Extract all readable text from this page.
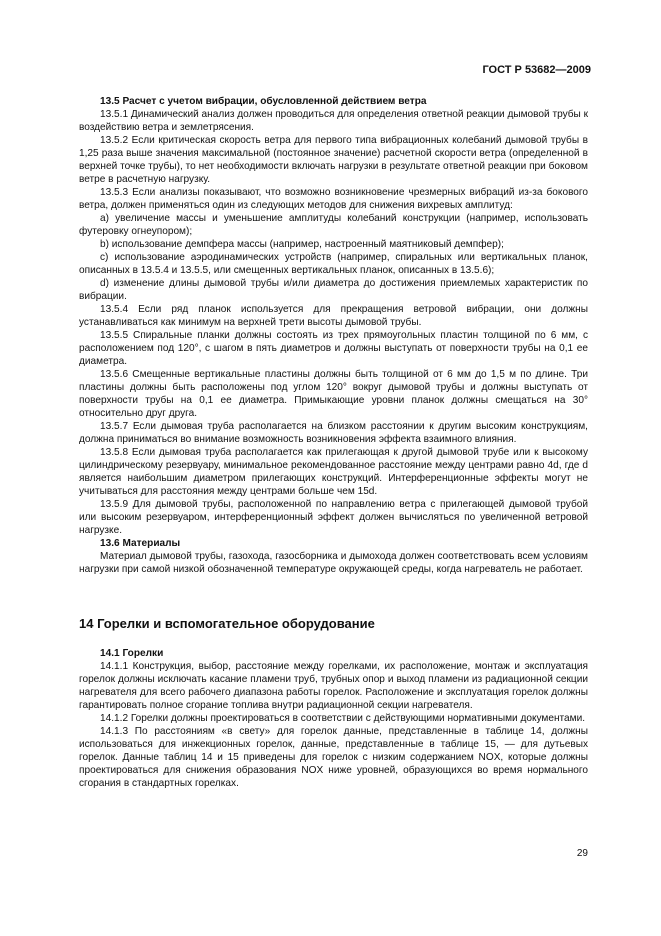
ГОСТ Р 53682—2009

13.5 Расчет с учетом вибрации, обусловленной действием ветра

13.5.1 Динамический анализ должен проводиться для определения ответной реакции дымовой трубы к воздействию ветра и землетрясения.

13.5.2 Если критическая скорость ветра для первого типа вибрационных колебаний дымовой трубы в 1,25 раза выше значения максимальной (постоянное значение) расчетной скорости ветра (определенной в верхней точке трубы), то нет необходимости включать нагрузки в результате ответной реакции при боковом ветре в расчетную нагрузку.

13.5.3 Если анализы показывают, что возможно возникновение чрезмерных вибраций из-за бокового ветра, должен применяться один из следующих методов для снижения вихревых амплитуд:

a) увеличение массы и уменьшение амплитуды колебаний конструкции (например, использовать футеровку огнеупором);

b) использование демпфера массы (например, настроенный маятниковый демпфер);

c) использование аэродинамических устройств (например, спиральных или вертикальных планок, описанных в 13.5.4 и 13.5.5, или смещенных вертикальных планок, описанных в 13.5.6);

d) изменение длины дымовой трубы и/или диаметра до достижения приемлемых характеристик по вибрации.

13.5.4 Если ряд планок используется для прекращения ветровой вибрации, они должны устанавливаться как минимум на верхней трети высоты дымовой трубы.

13.5.5 Спиральные планки должны состоять из трех прямоугольных пластин толщиной по 6 мм, с расположением под 120°, с шагом в пять диаметров и должны выступать от поверхности трубы на 0,1 ее диаметра.

13.5.6 Смещенные вертикальные пластины должны быть толщиной от 6 мм до 1,5 м по длине. Три пластины должны быть расположены под углом 120° вокруг дымовой трубы и должны выступать от поверхности трубы на 0,1 ее диаметра. Примыкающие уровни планок должны смещаться на 30° относительно друг друга.

13.5.7 Если дымовая труба располагается на близком расстоянии к другим высоким конструкциям, должна приниматься во внимание возможность возникновения эффекта взаимного влияния.

13.5.8 Если дымовая труба располагается как прилегающая к другой дымовой трубе или к высокому цилиндрическому резервуару, минимальное рекомендованное расстояние между центрами равно 4d, где d является наибольшим диаметром прилегающих конструкций. Интерференционные эффекты могут не учитываться для расстояния между центрами больше чем 15d.

13.5.9 Для дымовой трубы, расположенной по направлению ветра с прилегающей дымовой трубой или высоким резервуаром, интерференционный эффект должен вычисляться по увеличенной ветровой нагрузке.

13.6 Материалы

Материал дымовой трубы, газохода, газосборника и дымохода должен соответствовать всем условиям нагрузки при самой низкой обозначенной температуре окружающей среды, когда нагреватель не работает.

14 Горелки и вспомогательное оборудование

14.1 Горелки

14.1.1 Конструкция, выбор, расстояние между горелками, их расположение, монтаж и эксплуатация горелок должны исключать касание пламени труб, трубных опор и выход пламени из радиационной секции нагревателя для всего рабочего диапазона работы горелок. Расположение и эксплуатация горелок должны гарантировать полное сгорание топлива внутри радиационной секции нагревателя.

14.1.2 Горелки должны проектироваться в соответствии с действующими нормативными документами.

14.1.3 По расстояниям «в свету» для горелок данные, представленные в таблице 14, должны использоваться для инжекционных горелок, данные, представленные в таблице 15, — для дутьевых горелок. Данные таблиц 14 и 15 приведены для горелок с низким содержанием NOX, которые должны проектироваться для снижения образования NOX ниже уровней, образующихся во время нормального сгорания в стандартных горелках.

29
